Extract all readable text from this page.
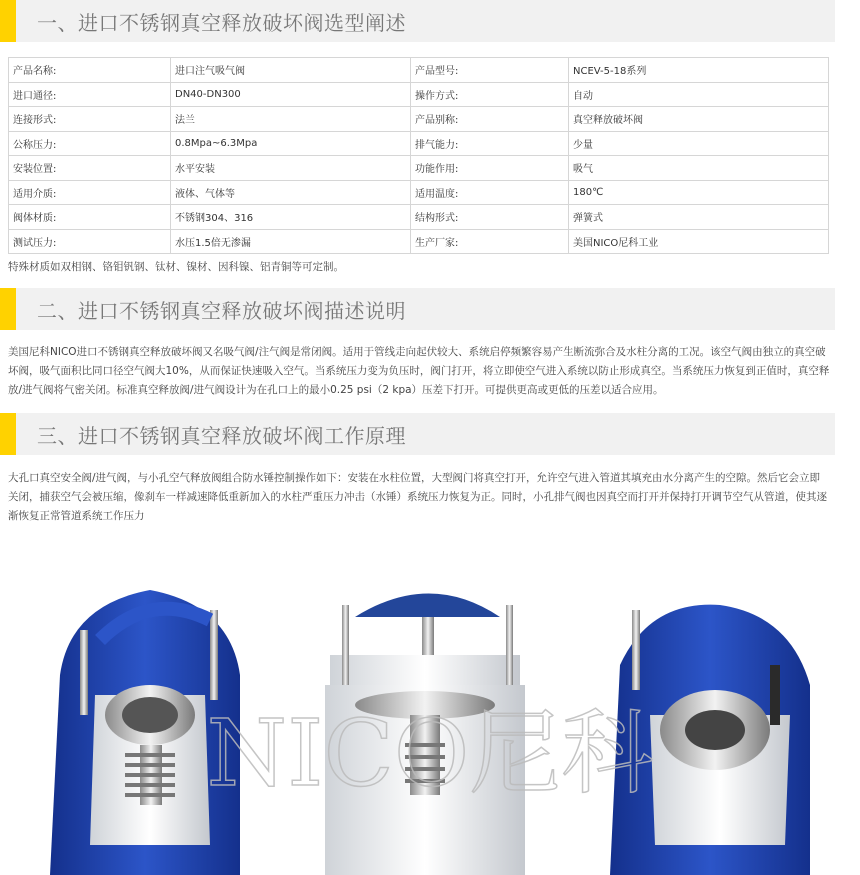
一、进口不锈钢真空释放破坏阀选型阐述
产品名称:	进口注气吸气阀	产品型号:	NCEV-5-18系列
进口通径:	DN40-DN300	操作方式:	自动
连接形式:	法兰	产品别称:	真空释放破坏阀
公称压力:	0.8Mpa~6.3Mpa	排气能力:	少量
安装位置:	水平安装	功能作用:	吸气
适用介质:	液体、气体等	适用温度:	180℃
阀体材质:	不锈钢304、316	结构形式:	弹簧式
测试压力:	水压1.5倍无渗漏	生产厂家:	美国NICO尼科工业
特殊材质如双相钢、铬钼钒钢、钛材、镍材、因科镍、铝青铜等可定制。
二、进口不锈钢真空释放破坏阀描述说明

美国尼科NICO进口不锈钢真空释放破坏阀又名吸气阀/注气阀是常闭阀。适用于管线走向起伏较大、系统启停频繁容易产生断流弥合及水柱分离的工况。该空气阀由独立的真空破坏阀，吸气面积比同口径空气阀大10%，从而保证快速吸入空气。当系统压力变为负压时，阀门打开，将立即使空气进入系统以防止形成真空。当系统压力恢复到正值时，真空释放/进气阀将气密关闭。标准真空释放阀/进气阀设计为在孔口上的最小0.25 psi（2 kpa）压差下打开。可提供更高或更低的压差以适合应用。

三、进口不锈钢真空释放破坏阀工作原理

大孔口真空安全阀/进气阀，与小孔空气释放阀组合防水锤控制操作如下：安装在水柱位置，大型阀门将真空打开，允许空气进入管道其填充由水分离产生的空隙。然后它会立即关闭，捕获空气会被压缩，像刹车一样减速降低重新加入的水柱严重压力冲击（水锤）系统压力恢复为正。同时，小孔排气阀也因真空而打开并保持打开调节空气从管道，使其逐渐恢复正常管道系统工作压力

NICO尼科
